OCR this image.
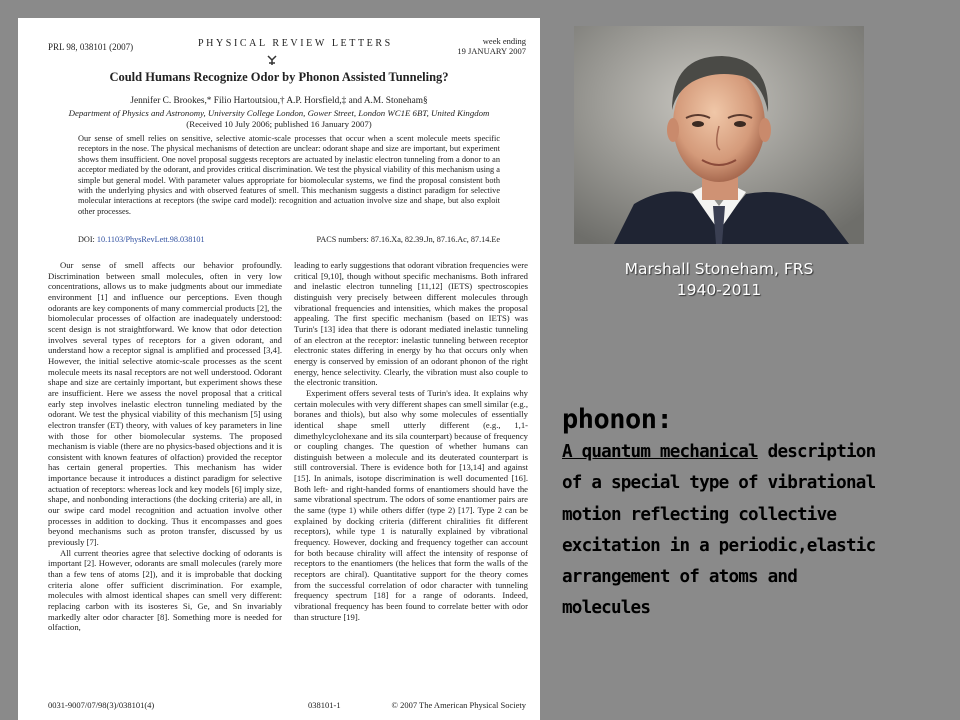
PRL 98, 038101 (2007)	PHYSICAL REVIEW LETTERS	week ending
19 JANUARY 2007
Could Humans Recognize Odor by Phonon Assisted Tunneling?
Jennifer C. Brookes,* Filio Hartoutsiou,† A.P. Horsfield,‡ and A.M. Stoneham§
Department of Physics and Astronomy, University College London, Gower Street, London WC1E 6BT, United Kingdom
(Received 10 July 2006; published 16 January 2007)
Our sense of smell relies on sensitive, selective atomic-scale processes that occur when a scent molecule meets specific receptors in the nose. The physical mechanisms of detection are unclear: odorant shape and size are important, but experiment shows them insufficient. One novel proposal suggests receptors are actuated by inelastic electron tunneling from a donor to an acceptor mediated by the odorant, and provides critical discrimination. We test the physical viability of this mechanism using a simple but general model. With parameter values appropriate for biomolecular systems, we find the proposal consistent both with the underlying physics and with observed features of smell. This mechanism suggests a distinct paradigm for selective molecular interactions at receptors (the swipe card model): recognition and actuation involve size and shape, but also exploit other processes.
DOI: 10.1103/PhysRevLett.98.038101	PACS numbers: 87.16.Xa, 82.39.Jn, 87.16.Ac, 87.14.Ee

Our sense of smell affects our behavior profoundly. Discrimination between small molecules, often in very low concentrations, allows us to make judgments about our immediate environment [1] and influence our perceptions. Even though odorants are key components of many commercial products [2], the biomolecular processes of olfaction are inadequately understood: scent design is not straightforward. We know that odor detection involves several types of receptors for a given odorant, and understand how a receptor signal is amplified and processed [3,4]. However, the initial selective atomic-scale processes as the scent molecule meets its nasal receptors are not well understood. Odorant shape and size are certainly important, but experiment shows these are insufficient. Here we assess the novel proposal that a critical early step involves inelastic electron tunneling mediated by the odorant. We test the physical viability of this mechanism [5] using electron transfer (ET) theory, with values of key parameters in line with those for other biomolecular systems. The proposed mechanism is viable (there are no physics-based objections and it is consistent with known features of olfaction) provided the receptor has certain general properties. This mechanism has wider importance because it introduces a distinct paradigm for selective actuation of receptors: whereas lock and key models [6] imply size, shape, and nonbonding interactions (the docking criteria) are all, in our swipe card model recognition and actuation involve other processes in addition to docking. Thus it encompasses and goes beyond mechanisms such as proton transfer, discussed by us previously [7].

All current theories agree that selective docking of odorants is important [2]. However, odorants are small molecules (rarely more than a few tens of atoms [2]), and it is improbable that docking criteria alone offer sufficient discrimination. For example, molecules with almost identical shapes can smell very different: replacing carbon with its isosteres Si, Ge, and Sn invariably markedly alter odor character [8]. Something more is needed for olfaction,

leading to early suggestions that odorant vibration frequencies were critical [9,10], though without specific mechanisms. Both infrared and inelastic electron tunneling [11,12] (IETS) spectroscopies distinguish very precisely between different molecules through vibrational frequencies and intensities, which makes the proposal appealing. The first specific mechanism (based on IETS) was Turin's [13] idea that there is odorant mediated inelastic tunneling of an electron at the receptor: inelastic tunneling between receptor electronic states differing in energy by ħω that occurs only when energy is conserved by emission of an odorant phonon of the right energy, hence selectivity. Clearly, the vibration must also couple to the electronic transition.

Experiment offers several tests of Turin's idea. It explains why certain molecules with very different shapes can smell similar (e.g., boranes and thiols), but also why some molecules of essentially identical shape smell utterly different (e.g., 1,1-dimethylcyclohexane and its sila counterpart) because of frequency or coupling changes. The question of whether humans can distinguish between a molecule and its deuterated counterpart is still controversial. There is evidence both for [13,14] and against [15]. In animals, isotope discrimination is well documented [16]. Both left- and right-handed forms of enantiomers should have the same vibrational spectrum. The odors of some enantiomer pairs are the same (type 1) while others differ (type 2) [17]. Type 2 can be explained by docking criteria (different chiralities fit different receptors), while type 1 is naturally explained by vibrational frequency. However, docking and frequency together can account for both because chirality will affect the intensity of response of receptors to the enantiomers (the helices that form the walls of the receptors are chiral). Quantitative support for the theory comes from the successful correlation of odor character with tunneling frequency spectrum [18] for a range of odorants. Indeed, vibrational frequency has been found to correlate better with odor than structure [19].

0031-9007/07/98(3)/038101(4)	038101-1	© 2007 The American Physical Society
Marshall Stoneham, FRS
1940-2011
phonon:
A quantum mechanical description
of a special type of vibrational
motion reflecting collective
excitation in a periodic,elastic
arrangement of atoms and
molecules
